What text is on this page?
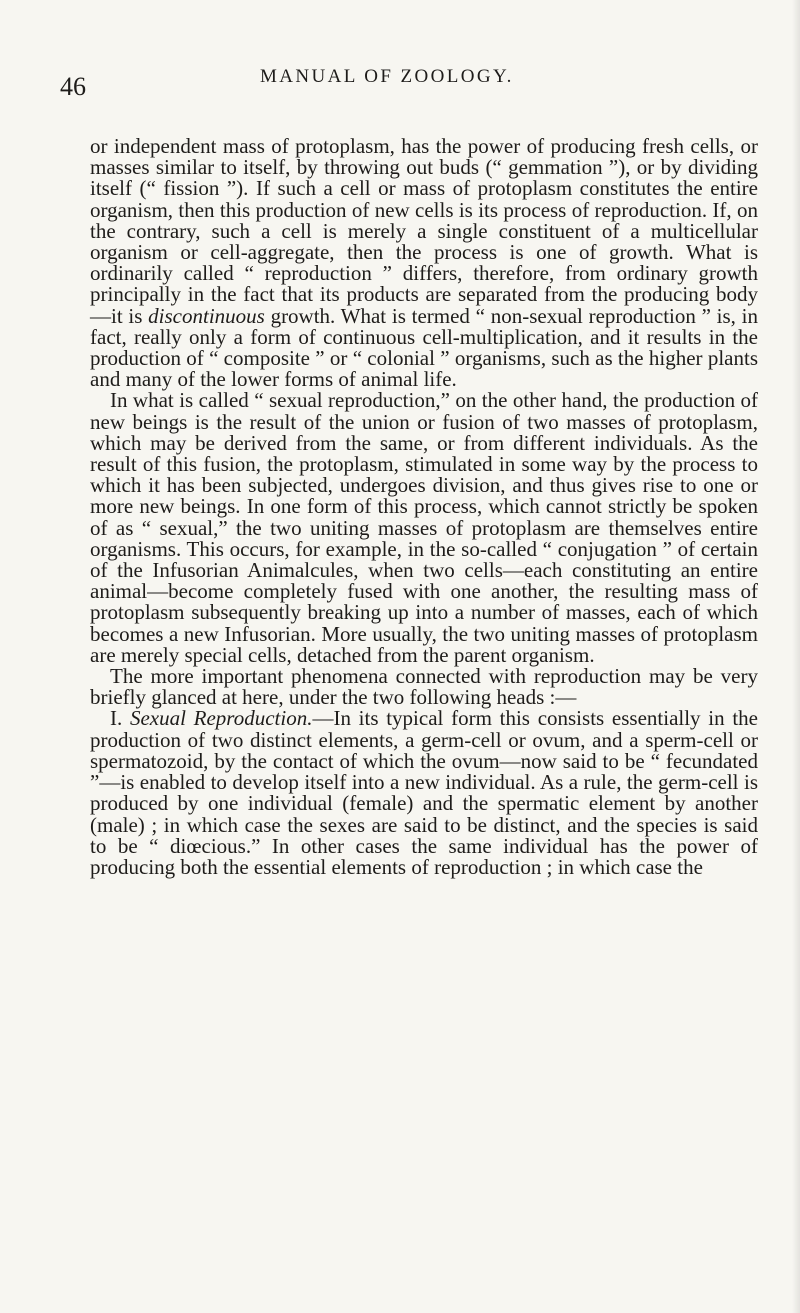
46	MANUAL OF ZOOLOGY.

or independent mass of protoplasm, has the power of producing fresh cells, or masses similar to itself, by throwing out buds (“ gemmation ”), or by dividing itself (“ fission ”). If such a cell or mass of protoplasm constitutes the entire organism, then this production of new cells is its process of reproduction. If, on the contrary, such a cell is merely a single constituent of a multicellular organism or cell-aggregate, then the process is one of growth. What is ordinarily called “ reproduction ” differs, therefore, from ordinary growth principally in the fact that its products are separated from the producing body—it is discontinuous growth. What is termed “ non-sexual reproduction ” is, in fact, really only a form of continuous cell-multiplication, and it results in the production of “ composite ” or “ colonial ” organisms, such as the higher plants and many of the lower forms of animal life.

In what is called “ sexual reproduction,” on the other hand, the production of new beings is the result of the union or fusion of two masses of protoplasm, which may be derived from the same, or from different individuals. As the result of this fusion, the protoplasm, stimulated in some way by the process to which it has been subjected, undergoes division, and thus gives rise to one or more new beings. In one form of this process, which cannot strictly be spoken of as “ sexual,” the two uniting masses of protoplasm are themselves entire organisms. This occurs, for example, in the so-called “ conjugation ” of certain of the Infusorian Animalcules, when two cells—each constituting an entire animal—become completely fused with one another, the resulting mass of protoplasm subsequently breaking up into a number of masses, each of which becomes a new Infusorian. More usually, the two uniting masses of protoplasm are merely special cells, detached from the parent organism.

The more important phenomena connected with reproduction may be very briefly glanced at here, under the two following heads :—

I. Sexual Reproduction.—In its typical form this consists essentially in the production of two distinct elements, a germ-cell or ovum, and a sperm-cell or spermatozoid, by the contact of which the ovum—now said to be “ fecundated ”—is enabled to develop itself into a new individual. As a rule, the germ-cell is produced by one individual (female) and the spermatic element by another (male) ; in which case the sexes are said to be distinct, and the species is said to be “ diœcious.” In other cases the same individual has the power of producing both the essential elements of reproduction ; in which case the
